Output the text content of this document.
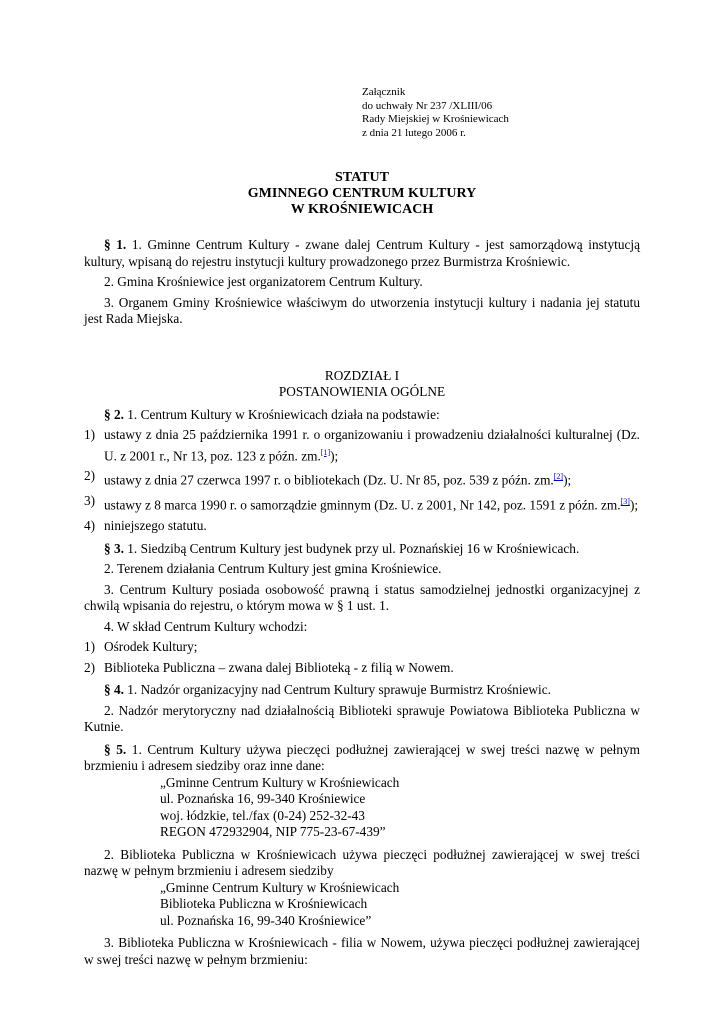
Załącznik
do uchwały Nr 237 /XLIII/06
Rady Miejskiej w Krośniewicach
z dnia 21 lutego 2006 r.
STATUT
GMINNEGO CENTRUM KULTURY
W KROŚNIEWICACH

§ 1. 1. Gminne Centrum Kultury - zwane dalej Centrum Kultury - jest samorządową instytucją kultury, wpisaną do rejestru instytucji kultury prowadzonego przez Burmistrza Krośniewic.

2. Gmina Krośniewice jest organizatorem Centrum Kultury.

3. Organem Gminy Krośniewice właściwym do utworzenia instytucji kultury i nadania jej statutu jest Rada Miejska.

ROZDZIAŁ I
POSTANOWIENIA OGÓLNE

§ 2. 1. Centrum Kultury w Krośniewicach działa na podstawie:

1) ustawy z dnia 25 października 1991 r. o organizowaniu i prowadzeniu działalności kulturalnej (Dz. U. z 2001 r., Nr 13, poz. 123 z późn. zm.[1]);
2) ustawy z dnia 27 czerwca 1997 r. o bibliotekach (Dz. U. Nr 85, poz. 539 z późn. zm.[2]);
3) ustawy z 8 marca 1990 r. o samorządzie gminnym (Dz. U. z 2001, Nr 142, poz. 1591 z późn. zm.[3]);
4) niniejszego statutu.

§ 3. 1. Siedzibą Centrum Kultury jest budynek przy ul. Poznańskiej 16 w Krośniewicach.

2. Terenem działania Centrum Kultury jest gmina Krośniewice.

3. Centrum Kultury posiada osobowość prawną i status samodzielnej jednostki organizacyjnej z chwilą wpisania do rejestru, o którym mowa w § 1 ust. 1.

4. W skład Centrum Kultury wchodzi:

1) Ośrodek Kultury;
2) Biblioteka Publiczna – zwana dalej Biblioteką - z filią w Nowem.

§ 4. 1. Nadzór organizacyjny nad Centrum Kultury sprawuje Burmistrz Krośniewic.

2. Nadzór merytoryczny nad działalnością Biblioteki sprawuje Powiatowa Biblioteka Publiczna w Kutnie.

§ 5. 1. Centrum Kultury używa pieczęci podłużnej zawierającej w swej treści nazwę w pełnym brzmieniu i adresem siedziby oraz inne dane:

„Gminne Centrum Kultury w Krośniewicach
ul. Poznańska 16, 99-340 Krośniewice
woj. łódzkie, tel./fax (0-24) 252-32-43
REGON 472932904, NIP 775-23-67-439”

2. Biblioteka Publiczna w Krośniewicach używa pieczęci podłużnej zawierającej w swej treści nazwę w pełnym brzmieniu i adresem siedziby

„Gminne Centrum Kultury w Krośniewicach
Biblioteka Publiczna w Krośniewicach
ul. Poznańska 16, 99-340 Krośniewice”

3. Biblioteka Publiczna w Krośniewicach - filia w Nowem, używa pieczęci podłużnej zawierającej w swej treści nazwę w pełnym brzmieniu:
